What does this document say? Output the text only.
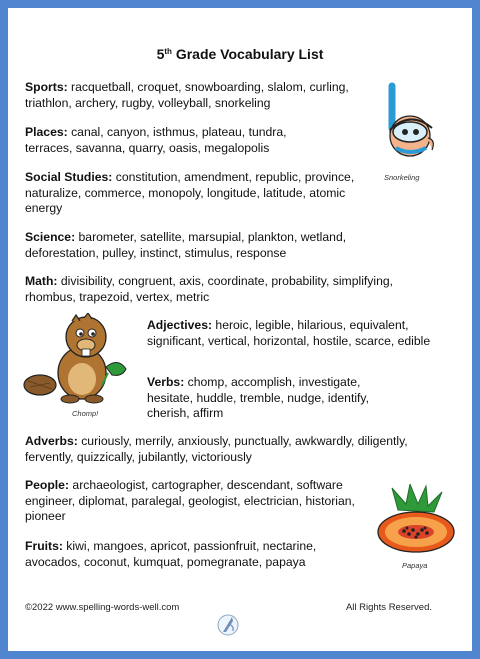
5th Grade Vocabulary List

Sports: racquetball, croquet, snowboarding, slalom, curling, triathlon, archery, rugby, volleyball, snorkeling

Places: canal, canyon, isthmus, plateau, tundra, terraces, savanna, quarry, oasis, megalopolis

Social Studies: constitution, amendment, republic, province, naturalize, commerce, monopoly, longitude, latitude, atomic energy

Science: barometer, satellite, marsupial, plankton, wetland, deforestation, pulley, instinct, stimulus, response

Math: divisibility, congruent, axis, coordinate, probability, simplifying, rhombus, trapezoid, vertex, metric

Adjectives: heroic, legible, hilarious, equivalent, significant, vertical, horizontal, hostile, scarce, edible

Verbs: chomp, accomplish, investigate, hesitate, huddle, tremble, nudge, identify, cherish, affirm

Adverbs: curiously, merrily, anxiously, punctually, awkwardly, diligently, fervently, quizzically, jubilantly, victoriously

People: archaeologist, cartographer, descendant, software engineer, diplomat, paralegal, geologist, electrician, historian, pioneer

Fruits: kiwi, mangoes, apricot, passionfruit, nectarine, avocados, coconut, kumquat, pomegranate, papaya

Snorkeling
Chomp!
Papaya
©2022 www.spelling-words-well.com	All Rights Reserved.
